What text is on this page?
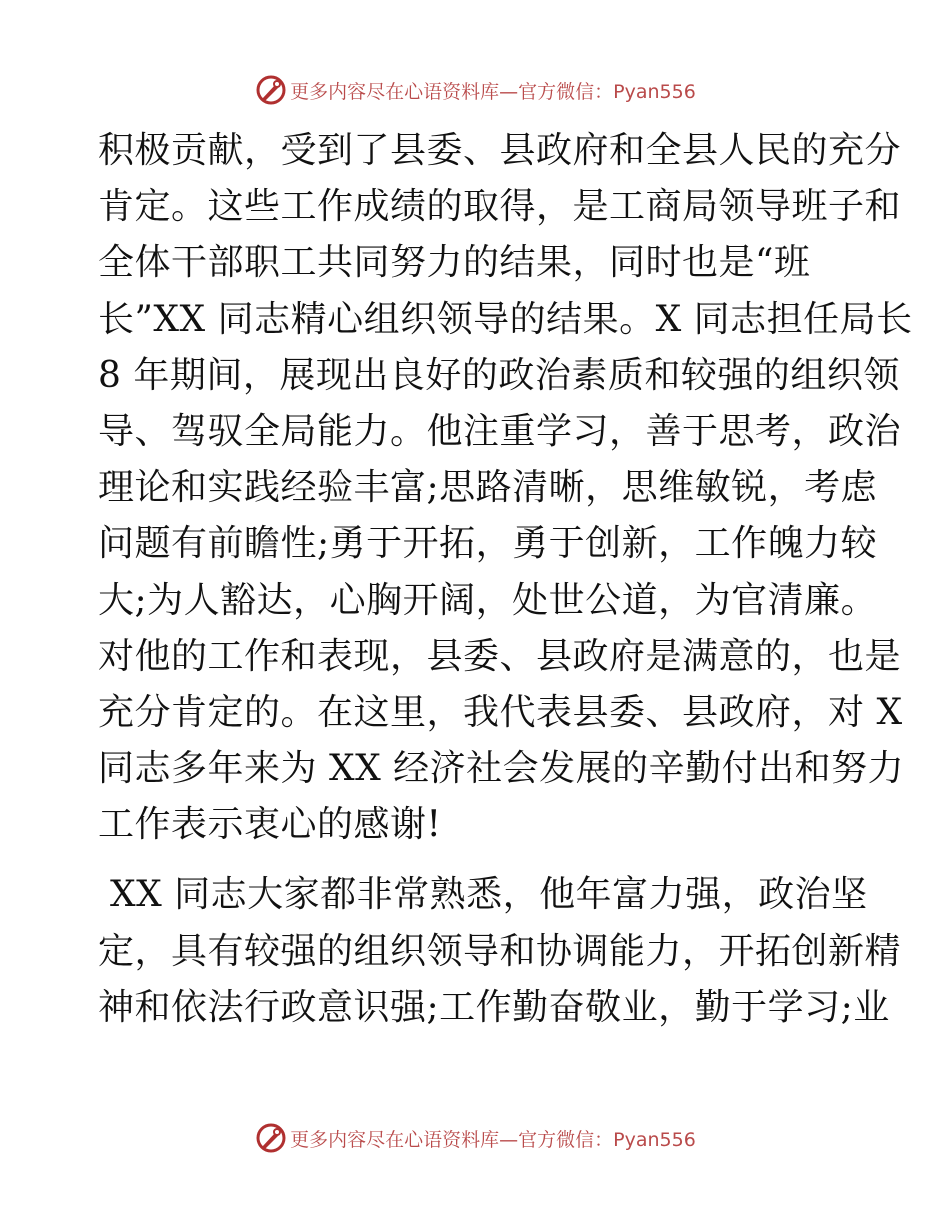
更多内容尽在心语资料库—官方微信：Pyan556
积极贡献，受到了县委、县政府和全县人民的充分
肯定。这些工作成绩的取得，是工商局领导班子和
全体干部职工共同努力的结果，同时也是“班
长”XX 同志精心组织领导的结果。X 同志担任局长
8 年期间，展现出良好的政治素质和较强的组织领
导、驾驭全局能力。他注重学习，善于思考，政治
理论和实践经验丰富;思路清晰，思维敏锐，考虑
问题有前瞻性;勇于开拓，勇于创新，工作魄力较
大;为人豁达，心胸开阔，处世公道，为官清廉。
对他的工作和表现，县委、县政府是满意的，也是
充分肯定的。在这里，我代表县委、县政府，对 X
同志多年来为 XX 经济社会发展的辛勤付出和努力
工作表示衷心的感谢!
XX 同志大家都非常熟悉，他年富力强，政治坚
定，具有较强的组织领导和协调能力，开拓创新精
神和依法行政意识强;工作勤奋敬业，勤于学习;业
更多内容尽在心语资料库—官方微信：Pyan556
